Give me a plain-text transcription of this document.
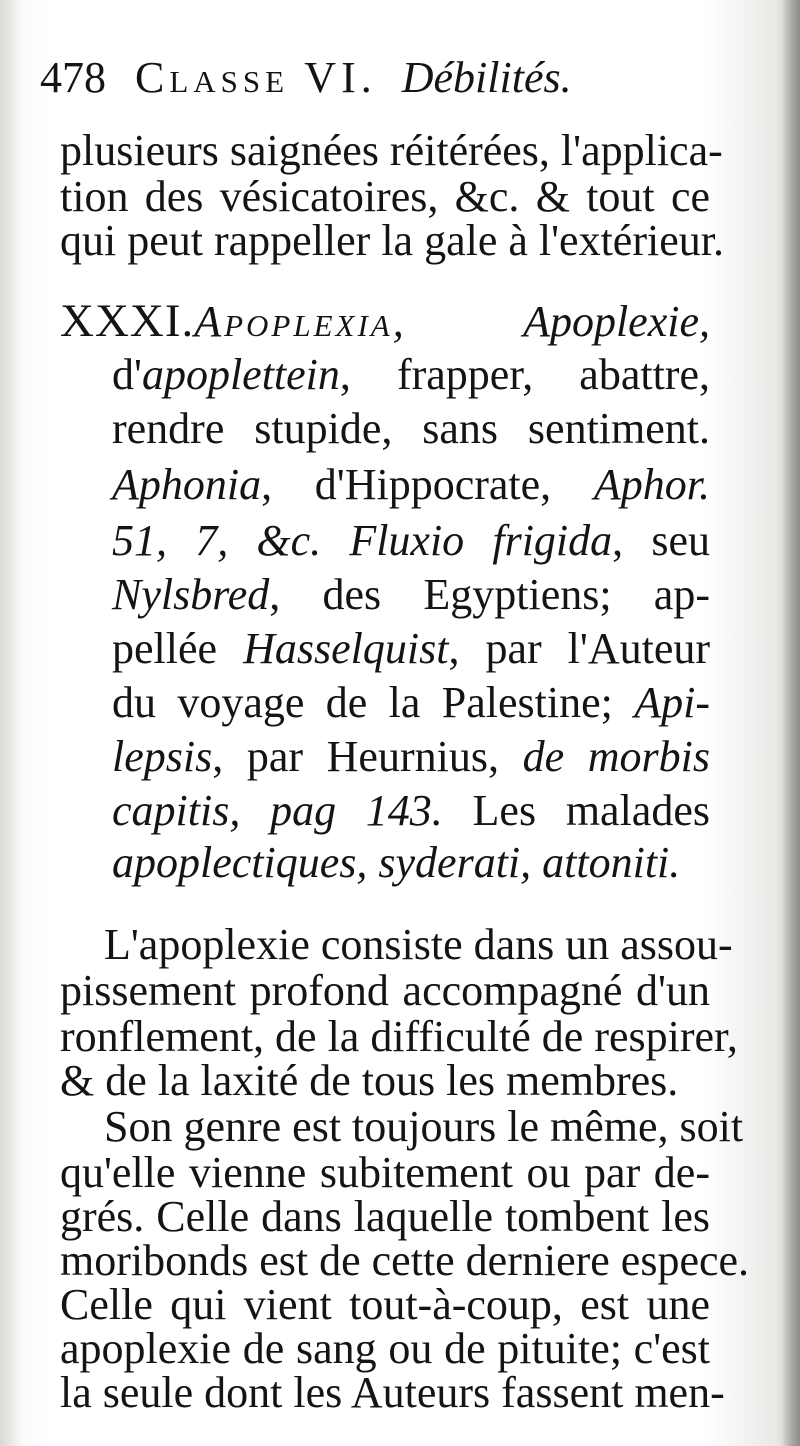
478 Classe VI. Débilités.
plusieurs saignées réitérées, l'applica-
tion des vésicatoires, &c. & tout ce
qui peut rappeller la gale à l'extérieur.
XXXI.Apoplexia, Apoplexie,
d'apoplettein, frapper, abattre,
rendre stupide, sans sentiment.
Aphonia, d'Hippocrate, Aphor.
51, 7, &c. Fluxio frigida, seu
Nylsbred, des Egyptiens; ap-
pellée Hasselquist, par l'Auteur
du voyage de la Palestine; Api-
lepsis, par Heurnius, de morbis
capitis, pag 143. Les malades
apoplectiques, syderati, attoniti.
L'apoplexie consiste dans un assou-
pissement profond accompagné d'un
ronflement, de la difficulté de respirer,
& de la laxité de tous les membres.
Son genre est toujours le même, soit
qu'elle vienne subitement ou par de-
grés. Celle dans laquelle tombent les
moribonds est de cette derniere espece.
Celle qui vient tout-à-coup, est une
apoplexie de sang ou de pituite; c'est
la seule dont les Auteurs fassent men-
